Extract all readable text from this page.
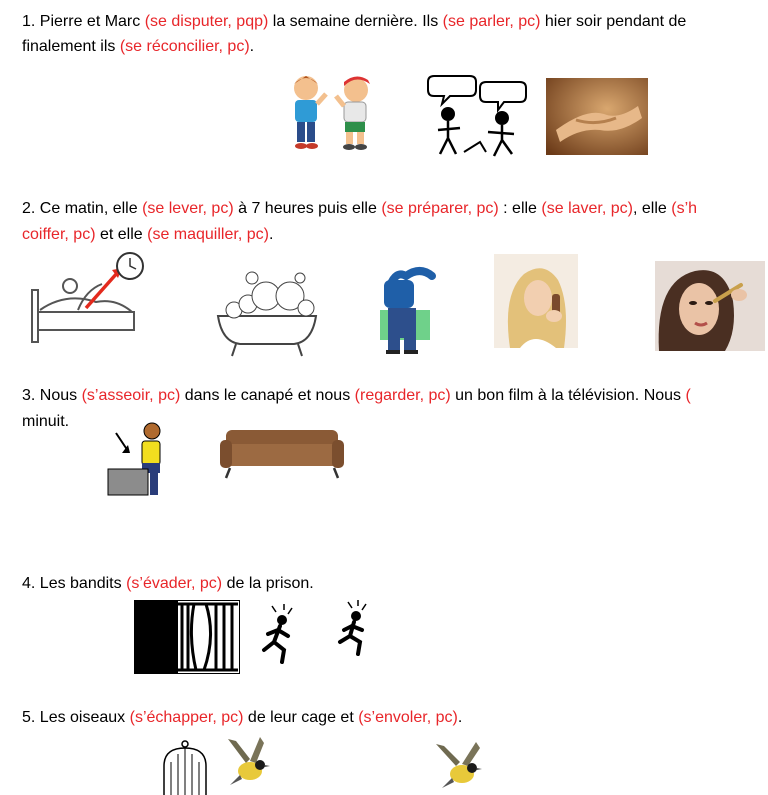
1. Pierre et Marc (se disputer, pqp) la semaine dernière. Ils (se parler, pc) hier soir pendant de
finalement ils (se réconcilier, pc).
2. Ce matin, elle (se lever, pc) à 7 heures puis elle (se préparer, pc) : elle (se laver, pc), elle (s’h
coiffer, pc) et elle (se maquiller, pc).
3. Nous (s’asseoir, pc) dans le canapé et nous (regarder, pc) un bon film à la télévision. Nous (
minuit.
4. Les bandits (s’évader, pc) de la prison.
5. Les oiseaux (s’échapper, pc) de leur cage et (s’envoler, pc).
